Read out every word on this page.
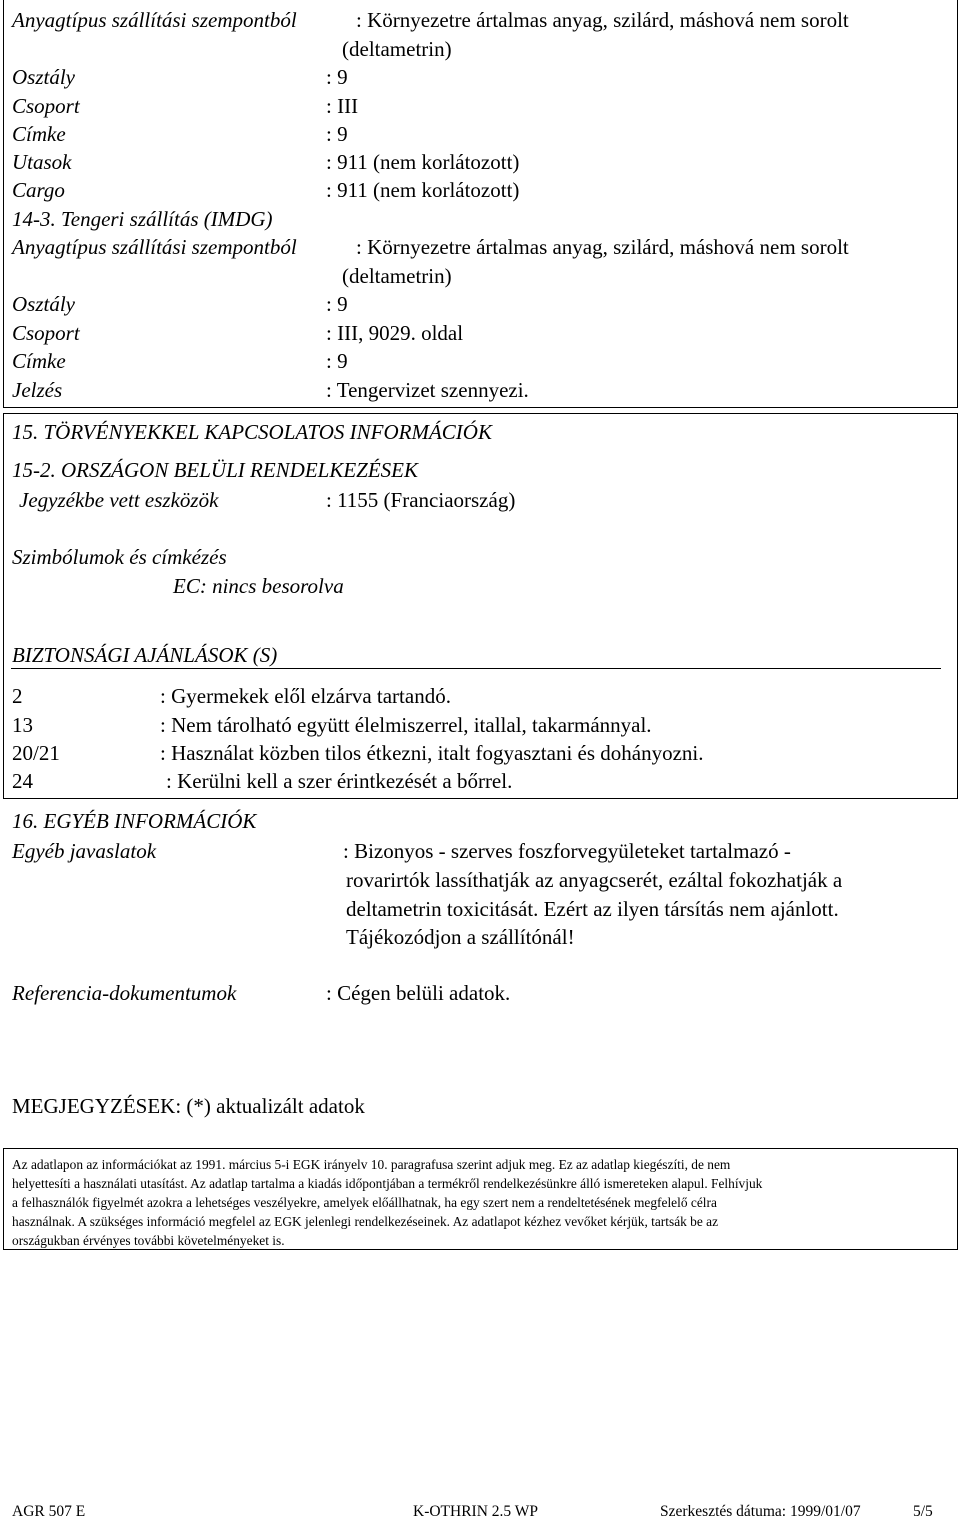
Anyagtípus szállítási szempontból	: Környezetre ártalmas anyag, szilárd, máshová nem sorolt
(deltametrin)
Osztály	: 9
Csoport	: III
Címke	: 9
Utasok	: 911 (nem korlátozott)
Cargo	: 911 (nem korlátozott)
14-3. Tengeri szállítás (IMDG)
Anyagtípus szállítási szempontból	: Környezetre ártalmas anyag, szilárd, máshová nem sorolt
(deltametrin)
Osztály	: 9
Csoport	: III, 9029. oldal
Címke	: 9
Jelzés	: Tengervizet szennyezi.
15. TÖRVÉNYEKKEL KAPCSOLATOS INFORMÁCIÓK
15-2. ORSZÁGON BELÜLI RENDELKEZÉSEK
Jegyzékbe vett eszközök	: 1155 (Franciaország)
Szimbólumok és címkézés
EC: nincs besorolva
BIZTONSÁGI AJÁNLÁSOK (S)
2	: Gyermekek elől elzárva tartandó.
13	: Nem tárolható együtt élelmiszerrel, itallal, takarmánnyal.
20/21	: Használat közben tilos étkezni, italt fogyasztani és dohányozni.
24	: Kerülni kell a szer érintkezését a bőrrel.
16. EGYÉB INFORMÁCIÓK
Egyéb javaslatok	: Bizonyos - szerves foszforvegyületeket tartalmazó -
rovarirtók lassíthatják az anyagcserét, ezáltal fokozhatják a
deltametrin toxicitását. Ezért az ilyen társítás nem ajánlott.
Tájékozódjon a szállítónál!
Referencia-dokumentumok	: Cégen belüli adatok.
MEGJEGYZÉSEK: (*) aktualizált adatok
Az adatlapon az információkat az 1991. március 5-i EGK irányelv 10. paragrafusa szerint adjuk meg. Ez az adatlap kiegészíti, de nem
helyettesíti a használati utasítást. Az adatlap tartalma a kiadás időpontjában a termékről rendelkezésünkre álló ismereteken alapul. Felhívjuk
a felhasználók figyelmét azokra a lehetséges veszélyekre, amelyek előállhatnak, ha egy szert nem a rendeltetésének megfelelő célra
használnak. A szükséges információ megfelel az EGK jelenlegi rendelkezéseinek. Az adatlapot kézhez vevőket kérjük, tartsák be az
országukban érvényes további követelményeket is.
AGR 507 E	K-OTHRIN 2.5 WP	Szerkesztés dátuma: 1999/01/07	5/5
